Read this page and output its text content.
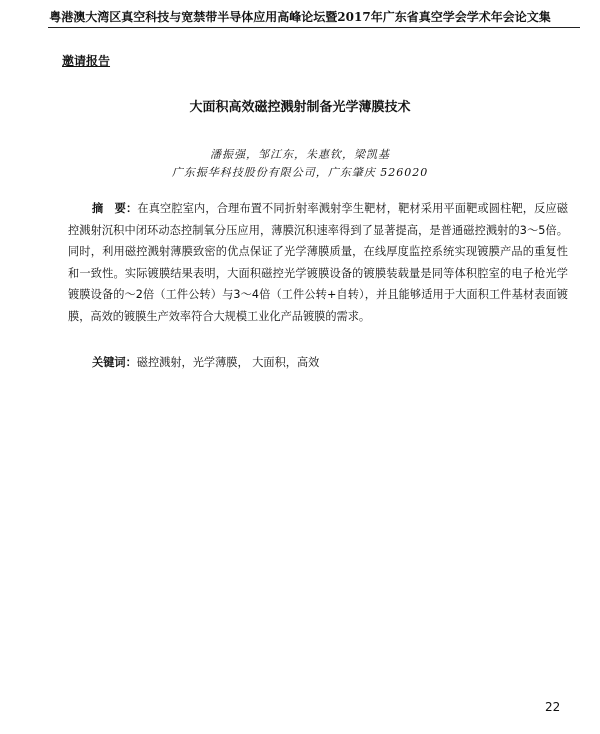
粤港澳大湾区真空科技与宽禁带半导体应用高峰论坛暨2017年广东省真空学会学术年会论文集
邀请报告
大面积高效磁控溅射制备光学薄膜技术
潘振强，邹江东，朱惠钦，梁凯基
广东振华科技股份有限公司，广东肇庆 526020
摘　要：在真空腔室内，合理布置不同折射率溅射孪生靶材，靶材采用平面靶或圆柱靶，反应磁控溅射沉积中闭环动态控制氧分压应用，薄膜沉积速率得到了显著提高，是普通磁控溅射的3～5倍。同时，利用磁控溅射薄膜致密的优点保证了光学薄膜质量，在线厚度监控系统实现镀膜产品的重复性和一致性。实际镀膜结果表明，大面积磁控光学镀膜设备的镀膜装载量是同等体积腔室的电子枪光学镀膜设备的～2倍（工件公转）与3～4倍（工件公转+自转），并且能够适用于大面积工件基材表面镀膜，高效的镀膜生产效率符合大规模工业化产品镀膜的需求。
关键词：磁控溅射，光学薄膜， 大面积，高效
22
